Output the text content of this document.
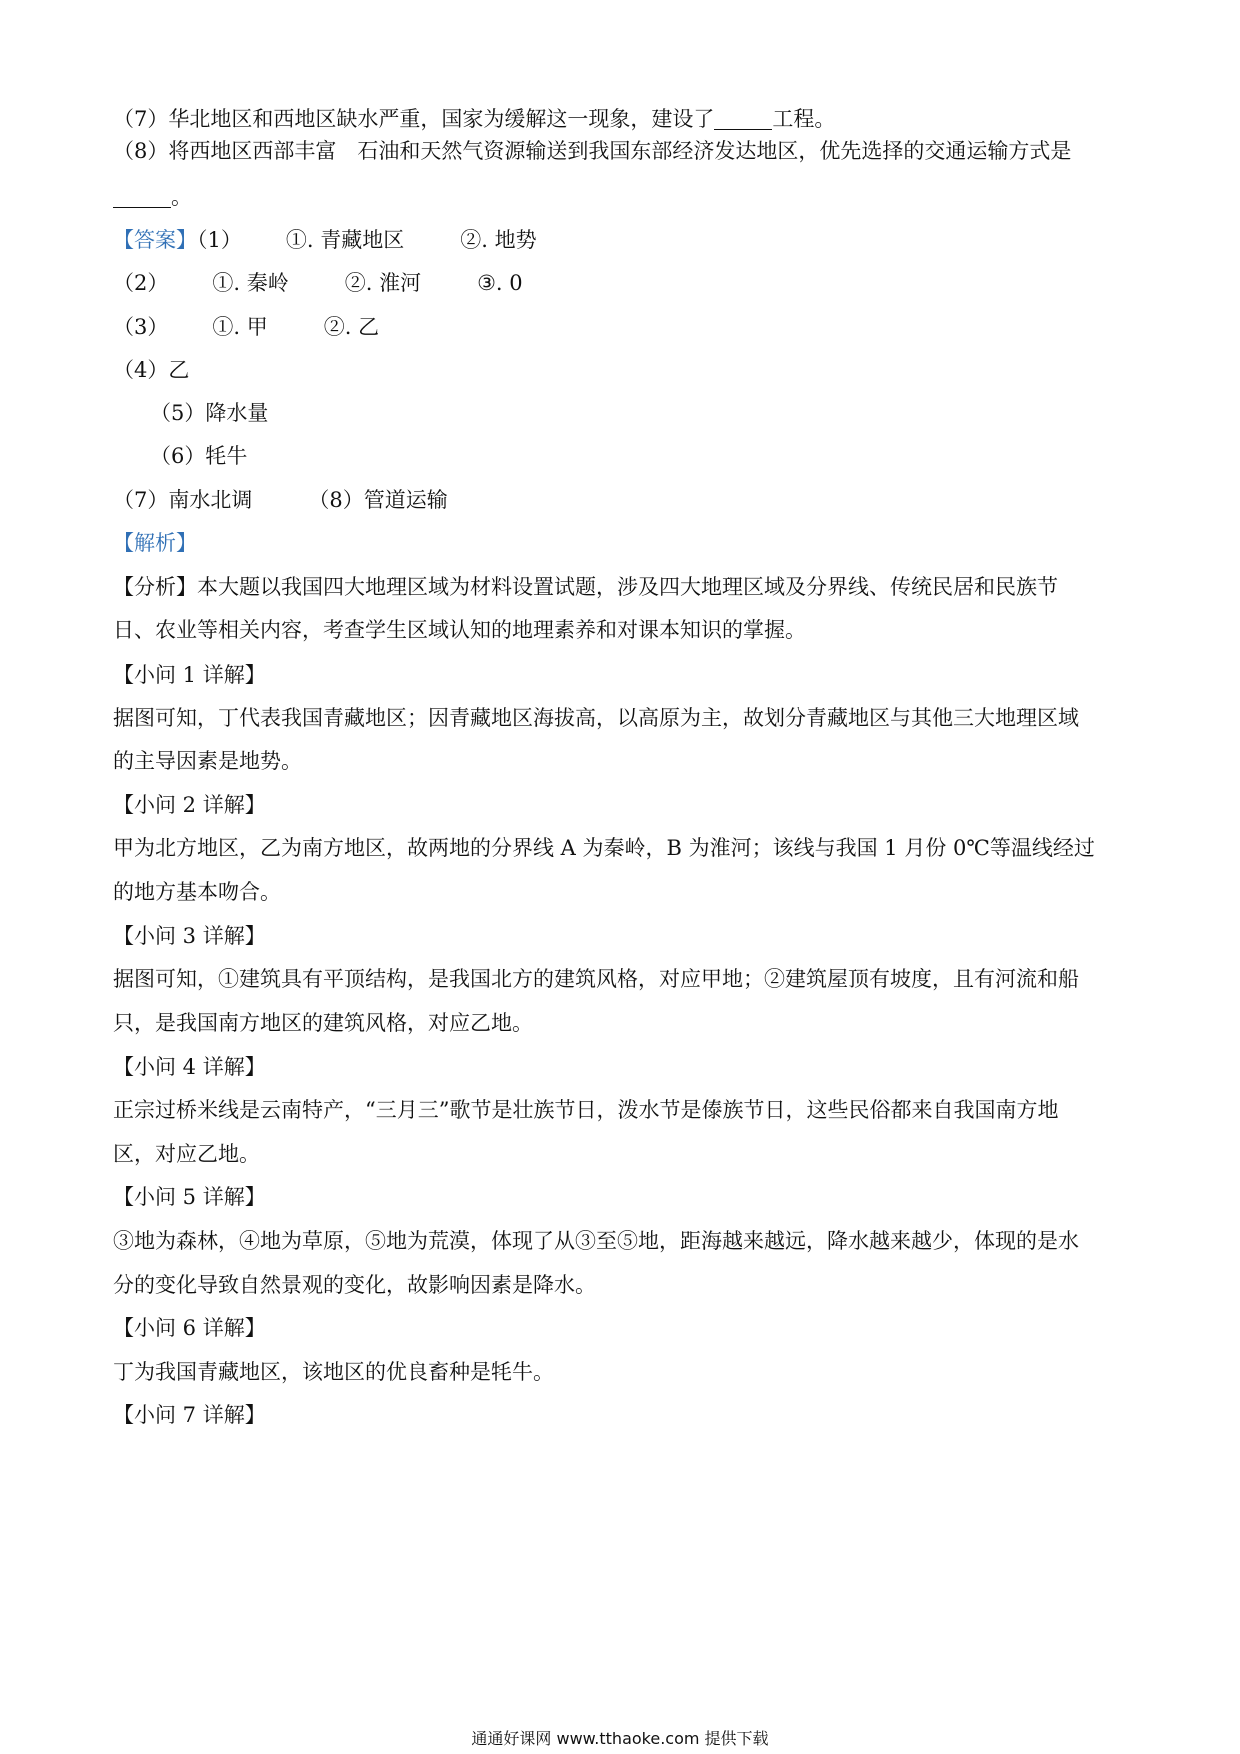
（7）华北地区和西地区缺水严重，国家为缓解这一现象，建设了	工程。
（8）将西地区西部丰富　石油和天然气资源输送到我国东部经济发达地区，优先选择的交通运输方式是
。
【答案】（1） ①. 青藏地区	②. 地势
（2） ①. 秦岭	②. 淮河	③. 0
（3） ①. 甲	②. 乙
（4）乙
（5）降水量
（6）牦牛
（7）南水北调	（8）管道运输
【解析】
【分析】本大题以我国四大地理区域为材料设置试题，涉及四大地理区域及分界线、传统民居和民族节
日、农业等相关内容，考查学生区域认知的地理素养和对课本知识的掌握。
【小问 1 详解】
据图可知，丁代表我国青藏地区；因青藏地区海拔高，以高原为主，故划分青藏地区与其他三大地理区域
的主导因素是地势。
【小问 2 详解】
甲为北方地区，乙为南方地区，故两地的分界线 A 为秦岭，B 为淮河；该线与我国 1 月份 0℃等温线经过
的地方基本吻合。
【小问 3 详解】
据图可知，①建筑具有平顶结构，是我国北方的建筑风格，对应甲地；②建筑屋顶有坡度，且有河流和船
只，是我国南方地区的建筑风格，对应乙地。
【小问 4 详解】
正宗过桥米线是云南特产，“三月三”歌节是壮族节日，泼水节是傣族节日，这些民俗都来自我国南方地
区，对应乙地。
【小问 5 详解】
③地为森林，④地为草原，⑤地为荒漠，体现了从③至⑤地，距海越来越远，降水越来越少，体现的是水
分的变化导致自然景观的变化，故影响因素是降水。
【小问 6 详解】
丁为我国青藏地区，该地区的优良畜种是牦牛。
【小问 7 详解】
通通好课网 www.tthaoke.com 提供下载
